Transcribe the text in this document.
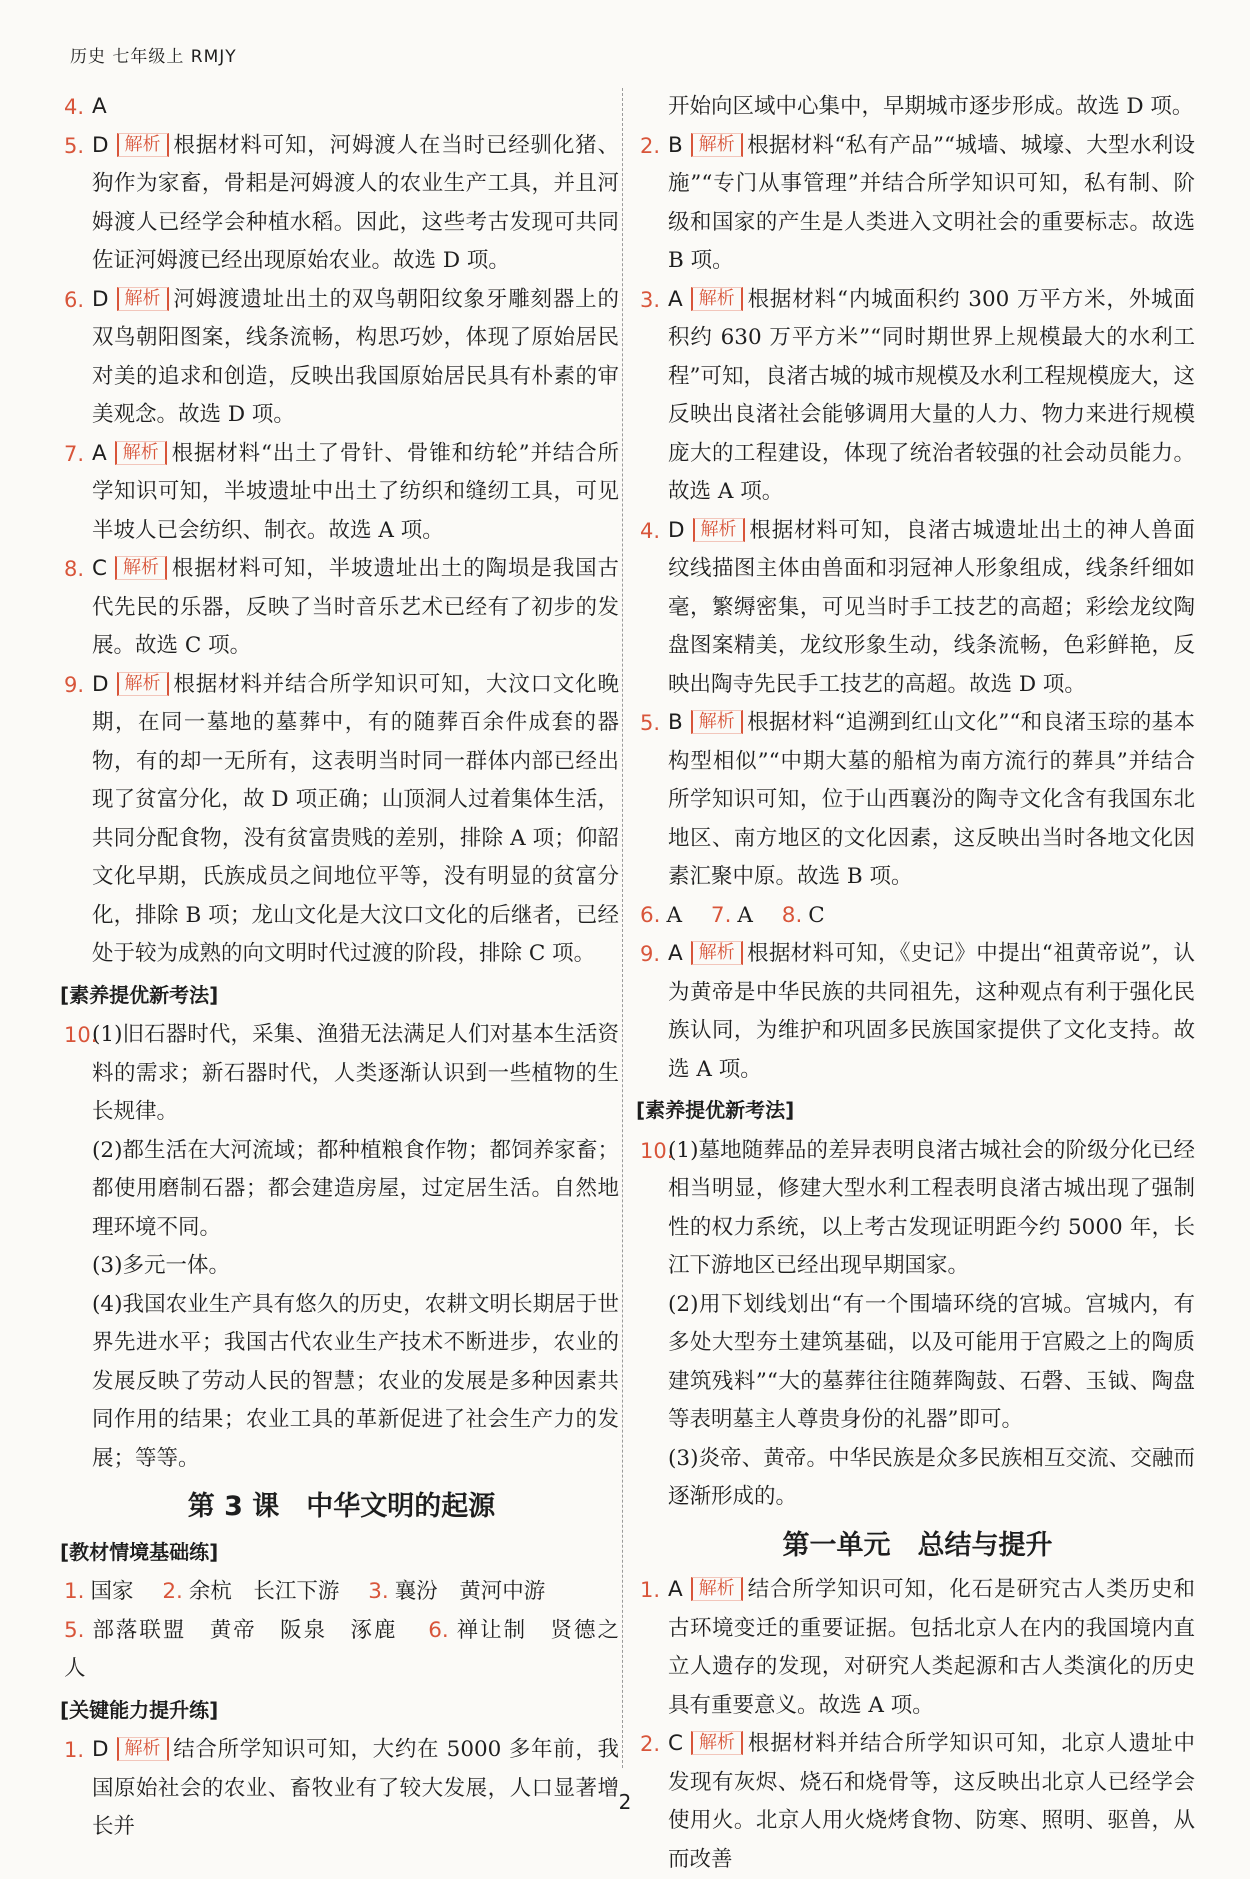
历史 七年级上 RMJY
4. A
5. D 解析 根据材料可知，河姆渡人在当时已经驯化猪、狗作为家畜，骨耜是河姆渡人的农业生产工具，并且河姆渡人已经学会种植水稻。因此，这些考古发现可共同佐证河姆渡已经出现原始农业。故选 D 项。
6. D 解析 河姆渡遗址出土的双鸟朝阳纹象牙雕刻器上的双鸟朝阳图案，线条流畅，构思巧妙，体现了原始居民对美的追求和创造，反映出我国原始居民具有朴素的审美观念。故选 D 项。
7. A 解析 根据材料“出土了骨针、骨锥和纺轮”并结合所学知识可知，半坡遗址中出土了纺织和缝纫工具，可见半坡人已会纺织、制衣。故选 A 项。
8. C 解析 根据材料可知，半坡遗址出土的陶埙是我国古代先民的乐器，反映了当时音乐艺术已经有了初步的发展。故选 C 项。
9. D 解析 根据材料并结合所学知识可知，大汶口文化晚期，在同一墓地的墓葬中，有的随葬百余件成套的器物，有的却一无所有，这表明当时同一群体内部已经出现了贫富分化，故 D 项正确；山顶洞人过着集体生活，共同分配食物，没有贫富贵贱的差别，排除 A 项；仰韶文化早期，氏族成员之间地位平等，没有明显的贫富分化，排除 B 项；龙山文化是大汶口文化的后继者，已经处于较为成熟的向文明时代过渡的阶段，排除 C 项。
[素养提优新考法]
10.
(1)旧石器时代，采集、渔猎无法满足人们对基本生活资料的需求；新石器时代，人类逐渐认识到一些植物的生长规律。
(2)都生活在大河流域；都种植粮食作物；都饲养家畜；都使用磨制石器；都会建造房屋，过定居生活。自然地理环境不同。
(3)多元一体。
(4)我国农业生产具有悠久的历史，农耕文明长期居于世界先进水平；我国古代农业生产技术不断进步，农业的发展反映了劳动人民的智慧；农业的发展是多种因素共同作用的结果；农业工具的革新促进了社会生产力的发展；等等。
第 3 课　中华文明的起源
[教材情境基础练]
1. 国家 2. 余杭　长江下游 3. 襄汾　黄河中游
5. 部落联盟　黄帝　阪泉　涿鹿 6. 禅让制　贤德之人
[关键能力提升练]
1. D 解析 结合所学知识可知，大约在 5000 多年前，我国原始社会的农业、畜牧业有了较大发展，人口显著增长并
开始向区域中心集中，早期城市逐步形成。故选 D 项。
2. B 解析 根据材料“私有产品”“城墙、城壕、大型水利设施”“专门从事管理”并结合所学知识可知，私有制、阶级和国家的产生是人类进入文明社会的重要标志。故选 B 项。
3. A 解析 根据材料“内城面积约 300 万平方米，外城面积约 630 万平方米”“同时期世界上规模最大的水利工程”可知，良渚古城的城市规模及水利工程规模庞大，这反映出良渚社会能够调用大量的人力、物力来进行规模庞大的工程建设，体现了统治者较强的社会动员能力。故选 A 项。
4. D 解析 根据材料可知，良渚古城遗址出土的神人兽面纹线描图主体由兽面和羽冠神人形象组成，线条纤细如毫，繁缛密集，可见当时手工技艺的高超；彩绘龙纹陶盘图案精美，龙纹形象生动，线条流畅，色彩鲜艳，反映出陶寺先民手工技艺的高超。故选 D 项。
5. B 解析 根据材料“追溯到红山文化”“和良渚玉琮的基本构型相似”“中期大墓的船棺为南方流行的葬具”并结合所学知识可知，位于山西襄汾的陶寺文化含有我国东北地区、南方地区的文化因素，这反映出当时各地文化因素汇聚中原。故选 B 项。
6. A 7. A 8. C
9. A 解析 根据材料可知，《史记》中提出“祖黄帝说”，认为黄帝是中华民族的共同祖先，这种观点有利于强化民族认同，为维护和巩固多民族国家提供了文化支持。故选 A 项。
[素养提优新考法]
10.
(1)墓地随葬品的差异表明良渚古城社会的阶级分化已经相当明显，修建大型水利工程表明良渚古城出现了强制性的权力系统，以上考古发现证明距今约 5000 年，长江下游地区已经出现早期国家。
(2)用下划线划出“有一个围墙环绕的宫城。宫城内，有多处大型夯土建筑基础，以及可能用于宫殿之上的陶质建筑残料”“大的墓葬往往随葬陶鼓、石磬、玉钺、陶盘等表明墓主人尊贵身份的礼器”即可。
(3)炎帝、黄帝。中华民族是众多民族相互交流、交融而逐渐形成的。
第一单元　总结与提升
1. A 解析 结合所学知识可知，化石是研究古人类历史和古环境变迁的重要证据。包括北京人在内的我国境内直立人遗存的发现，对研究人类起源和古人类演化的历史具有重要意义。故选 A 项。
2. C 解析 根据材料并结合所学知识可知，北京人遗址中发现有灰烬、烧石和烧骨等，这反映出北京人已经学会使用火。北京人用火烧烤食物、防寒、照明、驱兽，从而改善
2
